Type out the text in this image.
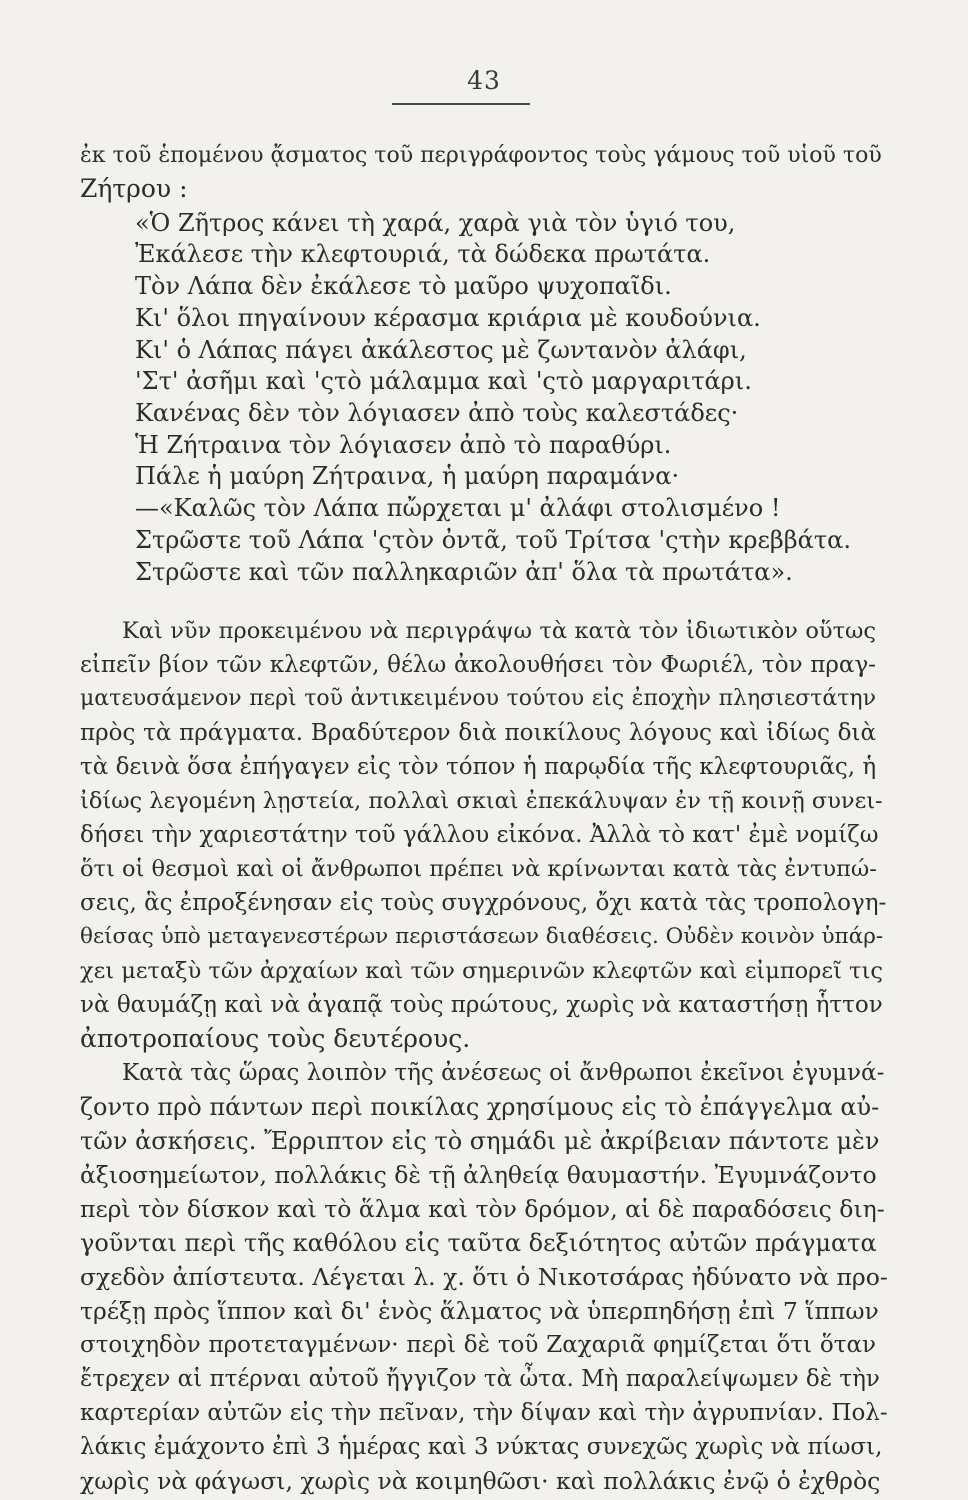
43
ἐκ τοῦ ἑπομένου ᾄσματος τοῦ περιγράφοντος τοὺς γάμους τοῦ υἱοῦ τοῦ
Ζήτρου :
«Ὁ Ζῆτρος κάνει τὴ χαρά, χαρὰ γιὰ τὸν ὑγιό του,
Ἐκάλεσε τὴν κλεφτουριά, τὰ δώδεκα πρωτάτα.
Τὸν Λάπα δὲν ἐκάλεσε τὸ μαῦρο ψυχοπαῖδι.
Κι' ὅλοι πηγαίνουν κέρασμα κριάρια μὲ κουδούνια.
Κι' ὁ Λάπας πάγει ἀκάλεστος μὲ ζωντανὸν ἀλάφι,
'Στ' ἀσῆμι καὶ 'ςτὸ μάλαμμα καὶ 'ςτὸ μαργαριτάρι.
Κανένας δὲν τὸν λόγιασεν ἀπὸ τοὺς καλεστάδες·
Ἡ Ζήτραινα τὸν λόγιασεν ἀπὸ τὸ παραθύρι.
Πάλε ἡ μαύρη Ζήτραινα, ἡ μαύρη παραμάνα·
—«Καλῶς τὸν Λάπα πὤρχεται μ' ἀλάφι στολισμένο !
Στρῶστε τοῦ Λάπα 'ςτὸν ὀντᾶ, τοῦ Τρίτσα 'ςτὴν κρεββάτα.
Στρῶστε καὶ τῶν παλληκαριῶν ἀπ' ὅλα τὰ πρωτάτα».
Καὶ νῦν προκειμένου νὰ περιγράψω τὰ κατὰ τὸν ἰδιωτικὸν οὕτως
εἰπεῖν βίον τῶν κλεφτῶν, θέλω ἀκολουθήσει τὸν Φωριέλ, τὸν πραγ-
ματευσάμενον περὶ τοῦ ἀντικειμένου τούτου εἰς ἐποχὴν πλησιεστάτην
πρὸς τὰ πράγματα. Βραδύτερον διὰ ποικίλους λόγους καὶ ἰδίως διὰ
τὰ δεινὰ ὅσα ἐπήγαγεν εἰς τὸν τόπον ἡ παρῳδία τῆς κλεφτουριᾶς, ἡ
ἰδίως λεγομένη λῃστεία, πολλαὶ σκιαὶ ἐπεκάλυψαν ἐν τῇ κοινῇ συνει-
δήσει τὴν χαριεστάτην τοῦ γάλλου εἰκόνα. Ἀλλὰ τὸ κατ' ἐμὲ νομίζω
ὅτι οἱ θεσμοὶ καὶ οἱ ἄνθρωποι πρέπει νὰ κρίνωνται κατὰ τὰς ἐντυπώ-
σεις, ἃς ἐπροξένησαν εἰς τοὺς συγχρόνους, ὄχι κατὰ τὰς τροπολογη-
θείσας ὑπὸ μεταγενεστέρων περιστάσεων διαθέσεις. Οὐδὲν κοινὸν ὑπάρ-
χει μεταξὺ τῶν ἀρχαίων καὶ τῶν σημερινῶν κλεφτῶν καὶ εἰμπορεῖ τις
νὰ θαυμάζῃ καὶ νὰ ἀγαπᾷ τοὺς πρώτους, χωρὶς νὰ καταστήσῃ ἧττον
ἀποτροπαίους τοὺς δευτέρους.
Κατὰ τὰς ὥρας λοιπὸν τῆς ἀνέσεως οἱ ἄνθρωποι ἐκεῖνοι ἐγυμνά-
ζοντο πρὸ πάντων περὶ ποικίλας χρησίμους εἰς τὸ ἐπάγγελμα αὐ-
τῶν ἀσκήσεις. Ἔρριπτον εἰς τὸ σημάδι μὲ ἀκρίβειαν πάντοτε μὲν
ἀξιοσημείωτον, πολλάκις δὲ τῇ ἀληθείᾳ θαυμαστήν. Ἐγυμνάζοντο
περὶ τὸν δίσκον καὶ τὸ ἅλμα καὶ τὸν δρόμον, αἱ δὲ παραδόσεις διη-
γοῦνται περὶ τῆς καθόλου εἰς ταῦτα δεξιότητος αὐτῶν πράγματα
σχεδὸν ἀπίστευτα. Λέγεται λ. χ. ὅτι ὁ Νικοτσάρας ἠδύνατο νὰ προ-
τρέξῃ πρὸς ἵππον καὶ δι' ἑνὸς ἅλματος νὰ ὑπερπηδήσῃ ἐπὶ 7 ἵππων
στοιχηδὸν προτεταγμένων· περὶ δὲ τοῦ Ζαχαριᾶ φημίζεται ὅτι ὅταν
ἔτρεχεν αἱ πτέρναι αὐτοῦ ἤγγιζον τὰ ὦτα. Μὴ παραλείψωμεν δὲ τὴν
καρτερίαν αὐτῶν εἰς τὴν πεῖναν, τὴν δίψαν καὶ τὴν ἀγρυπνίαν. Πολ-
λάκις ἐμάχοντο ἐπὶ 3 ἡμέρας καὶ 3 νύκτας συνεχῶς χωρὶς νὰ πίωσι,
χωρὶς νὰ φάγωσι, χωρὶς νὰ κοιμηθῶσι· καὶ πολλάκις ἐνῷ ὁ ἐχθρὸς
